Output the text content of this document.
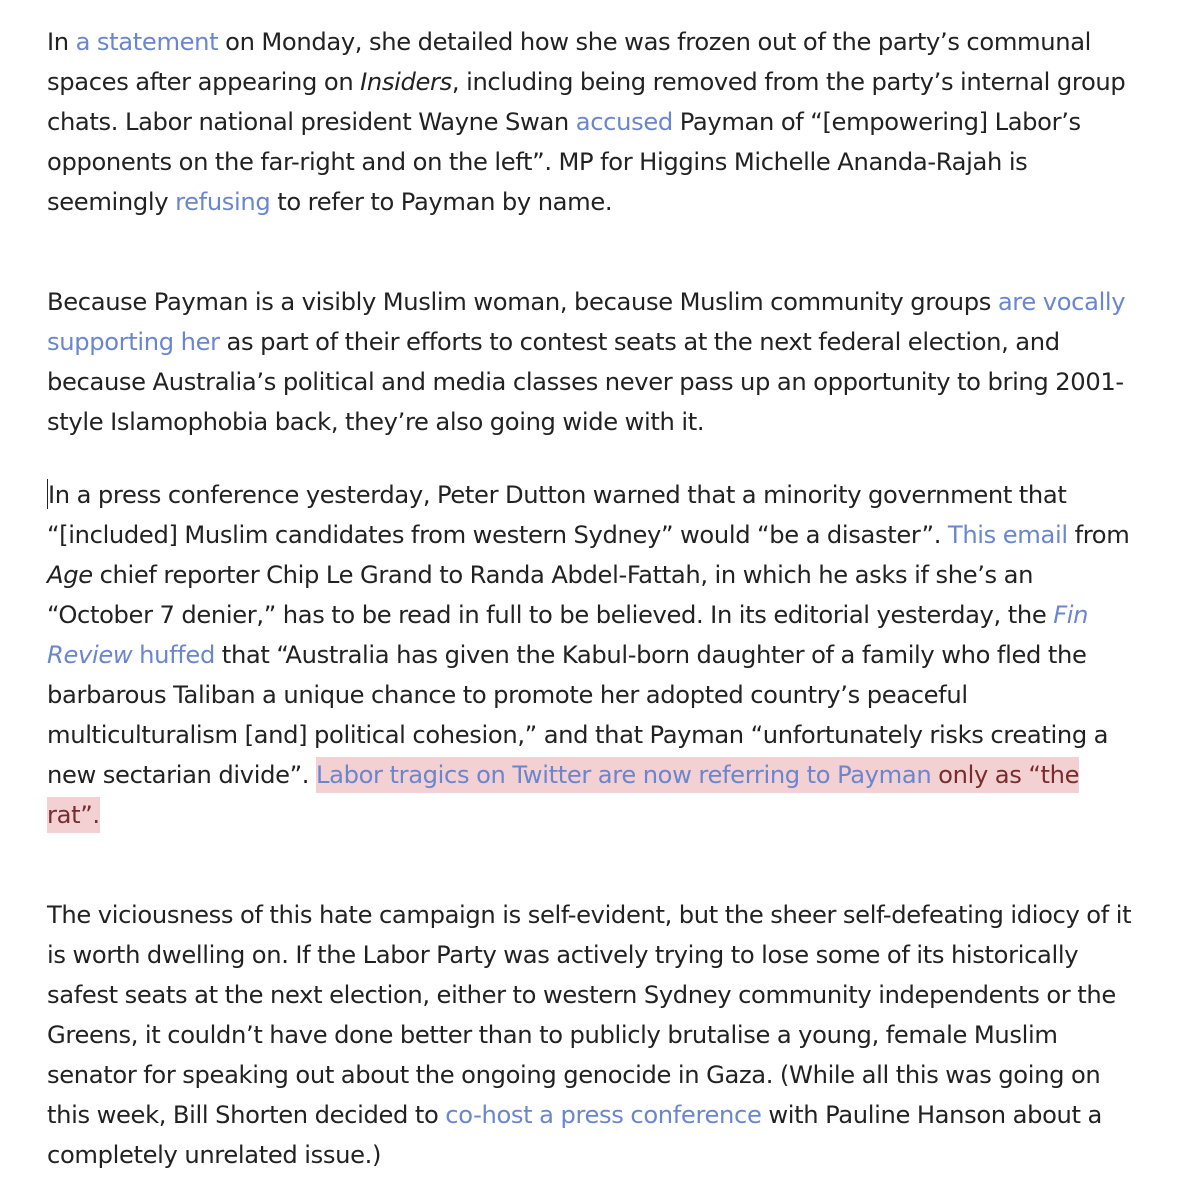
In a statement on Monday, she detailed how she was frozen out of the party’s communal spaces after appearing on Insiders, including being removed from the party’s internal group chats. Labor national president Wayne Swan accused Payman of “[empowering] Labor’s opponents on the far-right and on the left”. MP for Higgins Michelle Ananda-Rajah is seemingly refusing to refer to Payman by name.

Because Payman is a visibly Muslim woman, because Muslim community groups are vocally supporting her as part of their efforts to contest seats at the next federal election, and because Australia’s political and media classes never pass up an opportunity to bring 2001-style Islamophobia back, they’re also going wide with it.

In a press conference yesterday, Peter Dutton warned that a minority government that “[included] Muslim candidates from western Sydney” would “be a disaster”. This email from Age chief reporter Chip Le Grand to Randa Abdel-Fattah, in which he asks if she’s an “October 7 denier,” has to be read in full to be believed. In its editorial yesterday, the Fin Review huffed that “Australia has given the Kabul-born daughter of a family who fled the barbarous Taliban a unique chance to promote her adopted country’s peaceful multiculturalism [and] political cohesion,” and that Payman “unfortunately risks creating a new sectarian divide”. Labor tragics on Twitter are now referring to Payman only as “the rat”.

The viciousness of this hate campaign is self-evident, but the sheer self-defeating idiocy of it is worth dwelling on. If the Labor Party was actively trying to lose some of its historically safest seats at the next election, either to western Sydney community independents or the Greens, it couldn’t have done better than to publicly brutalise a young, female Muslim senator for speaking out about the ongoing genocide in Gaza. (While all this was going on this week, Bill Shorten decided to co-host a press conference with Pauline Hanson about a completely unrelated issue.)
